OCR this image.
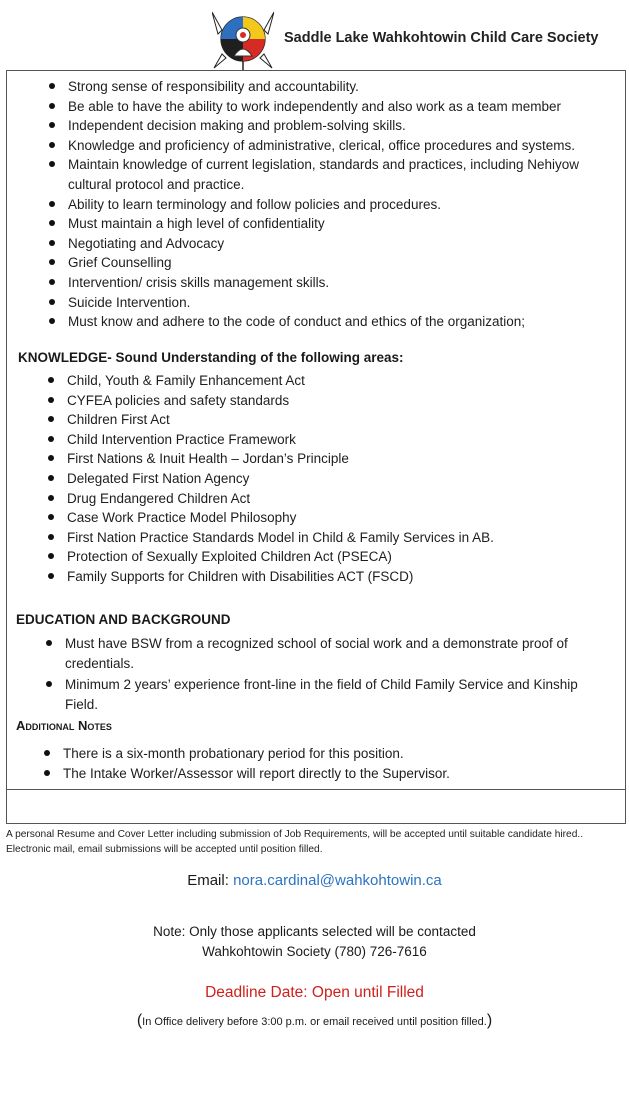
Saddle Lake Wahkohtowin Child Care Society
Strong sense of responsibility and accountability.
Be able to have the ability to work independently and also work as a team member
Independent decision making and problem-solving skills.
Knowledge and proficiency of administrative, clerical, office procedures and systems.
Maintain knowledge of current legislation, standards and practices, including Nehiyow cultural protocol and practice.
Ability to learn terminology and follow policies and procedures.
Must maintain a high level of confidentiality
Negotiating and Advocacy
Grief Counselling
Intervention/ crisis skills management skills.
Suicide Intervention.
Must know and adhere to the code of conduct and ethics of the organization;
KNOWLEDGE- Sound Understanding of the following areas:
Child, Youth & Family Enhancement Act
CYFEA policies and safety standards
Children First Act
Child Intervention Practice Framework
First Nations & Inuit Health – Jordan’s Principle
Delegated First Nation Agency
Drug Endangered Children Act
Case Work Practice Model Philosophy
First Nation Practice Standards Model in Child & Family Services in AB.
Protection of Sexually Exploited Children Act (PSECA)
Family Supports for Children with Disabilities ACT (FSCD)
EDUCATION AND BACKGROUND
Must have BSW from a recognized school of social work and a demonstrate proof of credentials.
Minimum 2 years’ experience front-line in the field of Child Family Service and Kinship Field.
Additional Notes
There is a six-month probationary period for this position.
The Intake Worker/Assessor will report directly to the Supervisor.
A personal Resume and Cover Letter including submission of Job Requirements, will be accepted until suitable candidate hired..
Electronic mail, email submissions will be accepted until position filled.
Email: nora.cardinal@wahkohtowin.ca
Note: Only those applicants selected will be contacted
Wahkohtowin Society (780) 726-7616
Deadline Date: Open until Filled
(In Office delivery before 3:00 p.m. or email received until position filled.)
